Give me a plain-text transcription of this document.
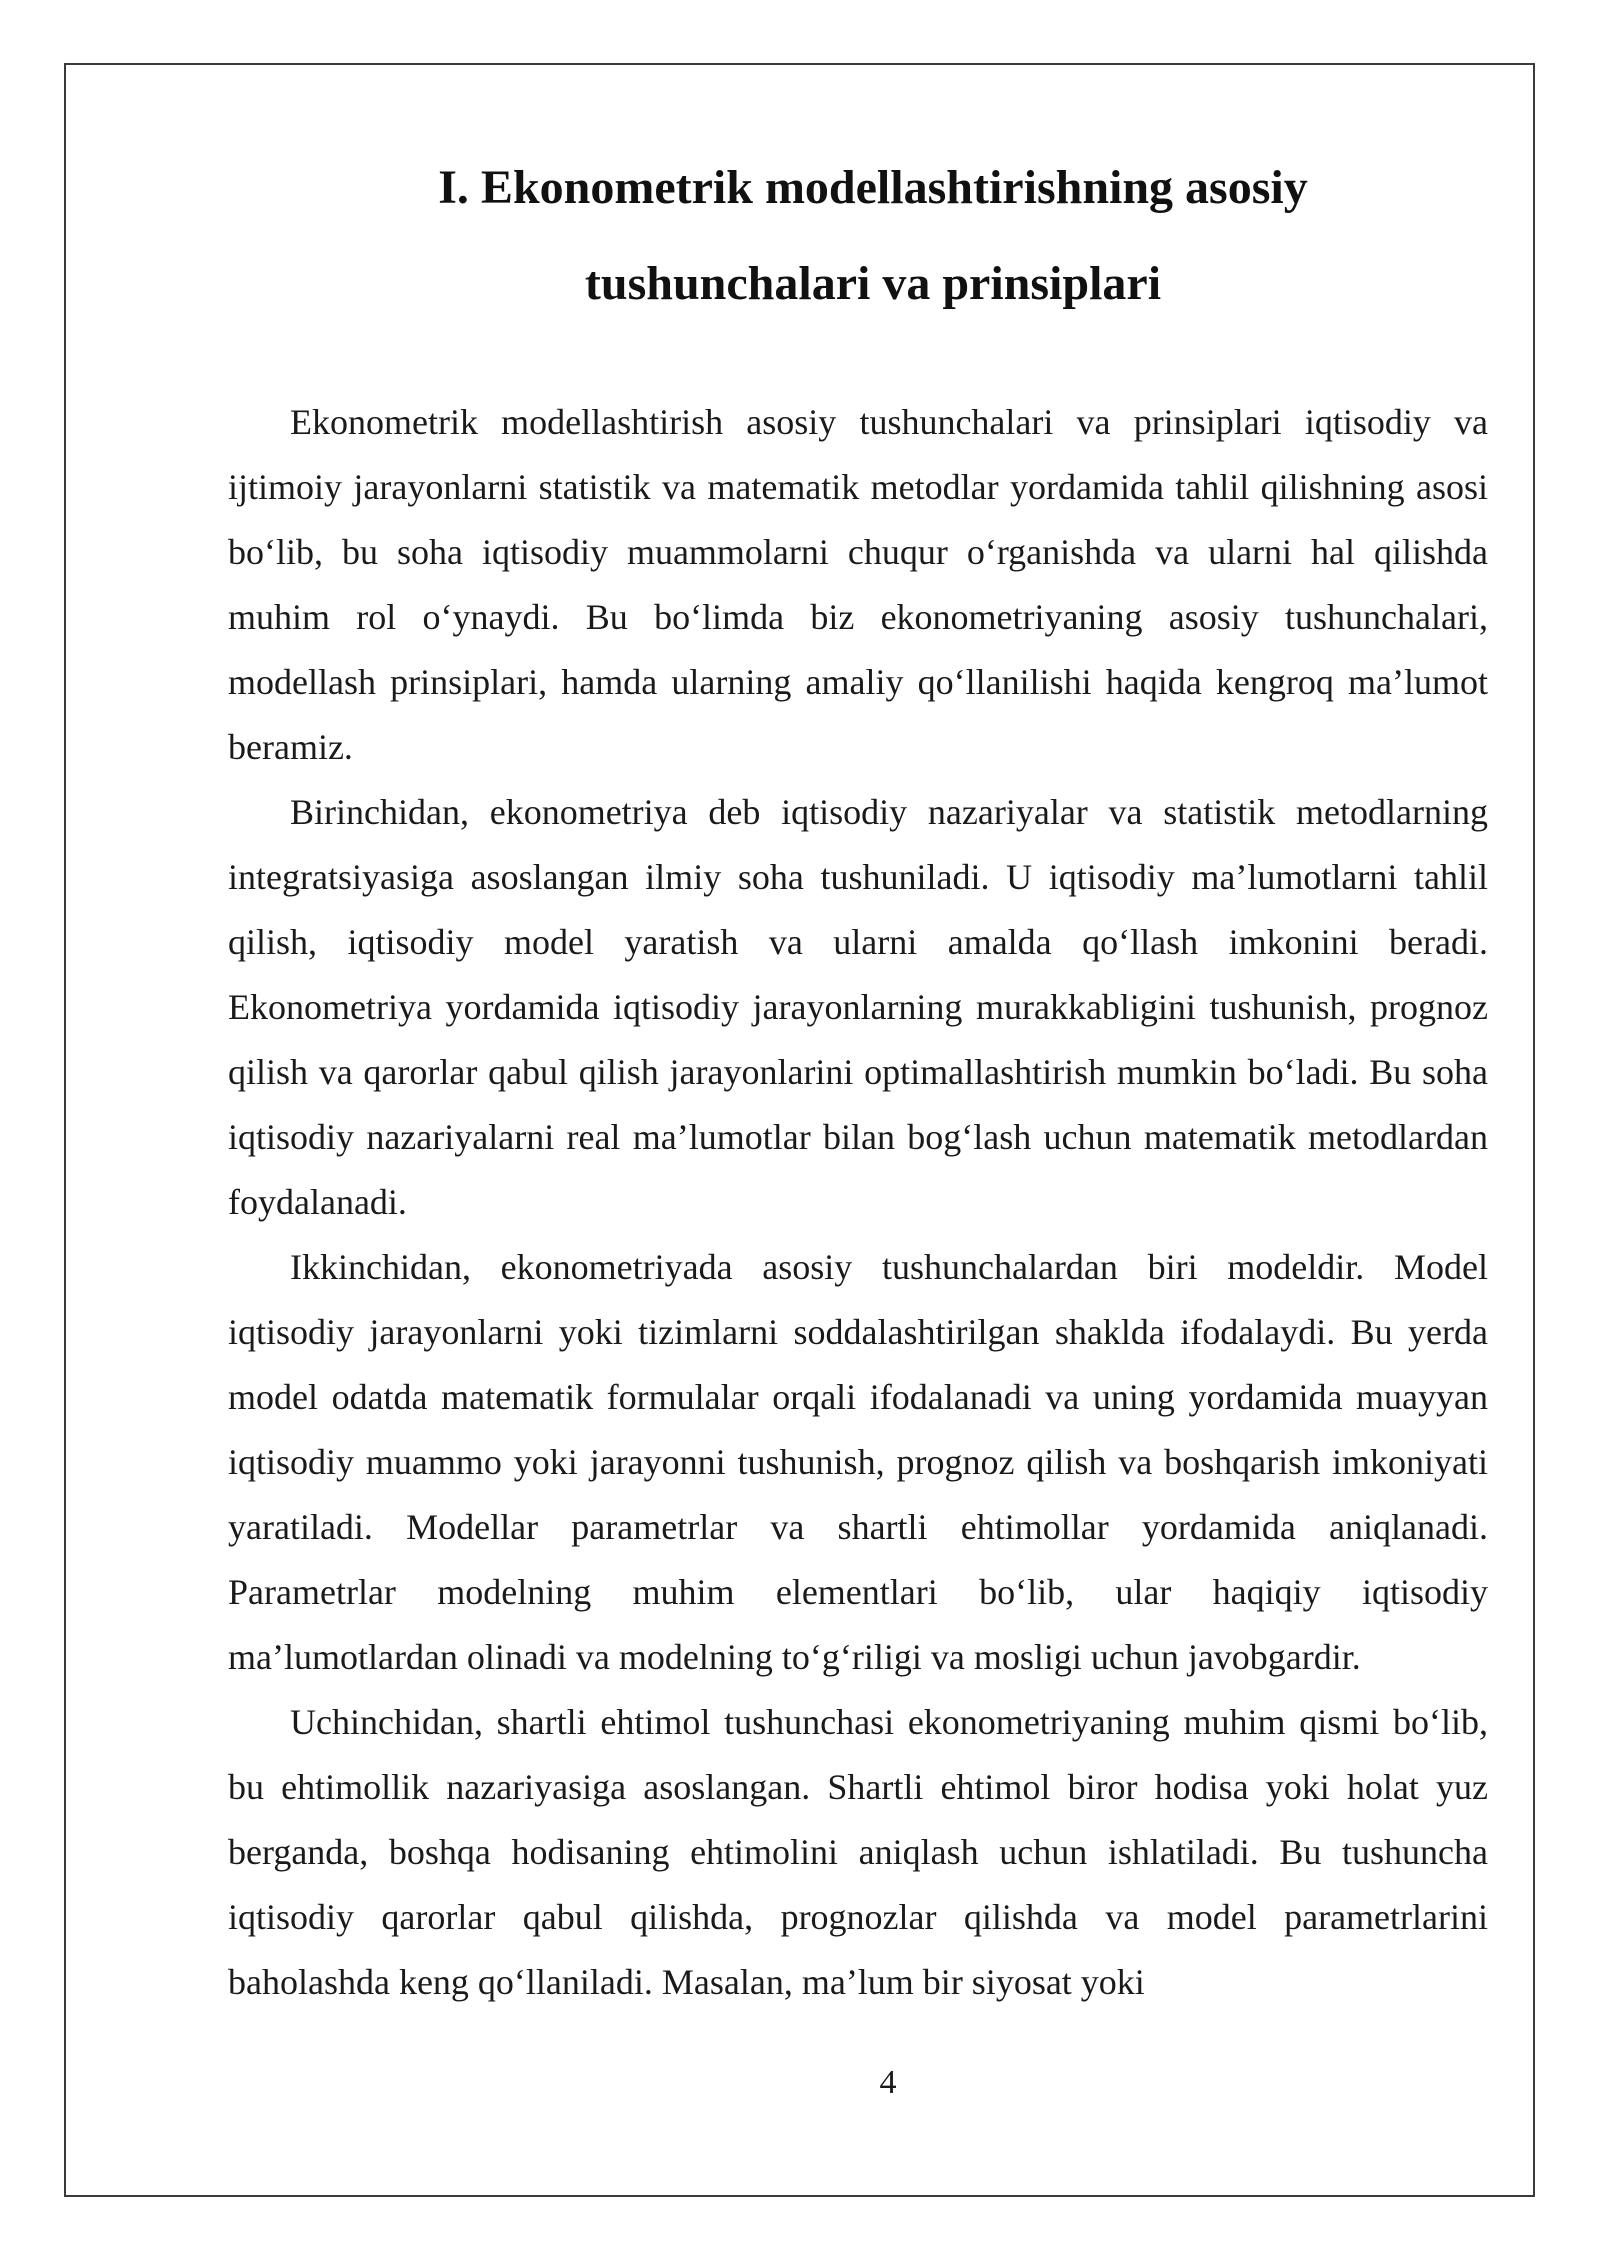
I. Ekonometrik modellashtirishning asosiy
tushunchalari va prinsiplari

Ekonometrik modellashtirish asosiy tushunchalari va prinsiplari iqtisodiy va ijtimoiy jarayonlarni statistik va matematik metodlar yordamida tahlil qilishning asosi bo‘lib, bu soha iqtisodiy muammolarni chuqur o‘rganishda va ularni hal qilishda muhim rol o‘ynaydi. Bu bo‘limda biz ekonometriyaning asosiy tushunchalari, modellash prinsiplari, hamda ularning amaliy qo‘llanilishi haqida kengroq ma’lumot beramiz.

Birinchidan, ekonometriya deb iqtisodiy nazariyalar va statistik metodlarning integratsiyasiga asoslangan ilmiy soha tushuniladi. U iqtisodiy ma’lumotlarni tahlil qilish, iqtisodiy model yaratish va ularni amalda qo‘llash imkonini beradi. Ekonometriya yordamida iqtisodiy jarayonlarning murakkabligini tushunish, prognoz qilish va qarorlar qabul qilish jarayonlarini optimallashtirish mumkin bo‘ladi. Bu soha iqtisodiy nazariyalarni real ma’lumotlar bilan bog‘lash uchun matematik metodlardan foydalanadi.

Ikkinchidan, ekonometriyada asosiy tushunchalardan biri modeldir. Model iqtisodiy jarayonlarni yoki tizimlarni soddalashtirilgan shaklda ifodalaydi. Bu yerda model odatda matematik formulalar orqali ifodalanadi va uning yordamida muayyan iqtisodiy muammo yoki jarayonni tushunish, prognoz qilish va boshqarish imkoniyati yaratiladi. Modellar parametrlar va shartli ehtimollar yordamida aniqlanadi. Parametrlar modelning muhim elementlari bo‘lib, ular haqiqiy iqtisodiy ma’lumotlardan olinadi va modelning to‘g‘riligi va mosligi uchun javobgardir.

Uchinchidan, shartli ehtimol tushunchasi ekonometriyaning muhim qismi bo‘lib, bu ehtimollik nazariyasiga asoslangan. Shartli ehtimol biror hodisa yoki holat yuz berganda, boshqa hodisaning ehtimolini aniqlash uchun ishlatiladi. Bu tushuncha iqtisodiy qarorlar qabul qilishda, prognozlar qilishda va model parametrlarini baholashda keng qo‘llaniladi. Masalan, ma’lum bir siyosat yoki

4
